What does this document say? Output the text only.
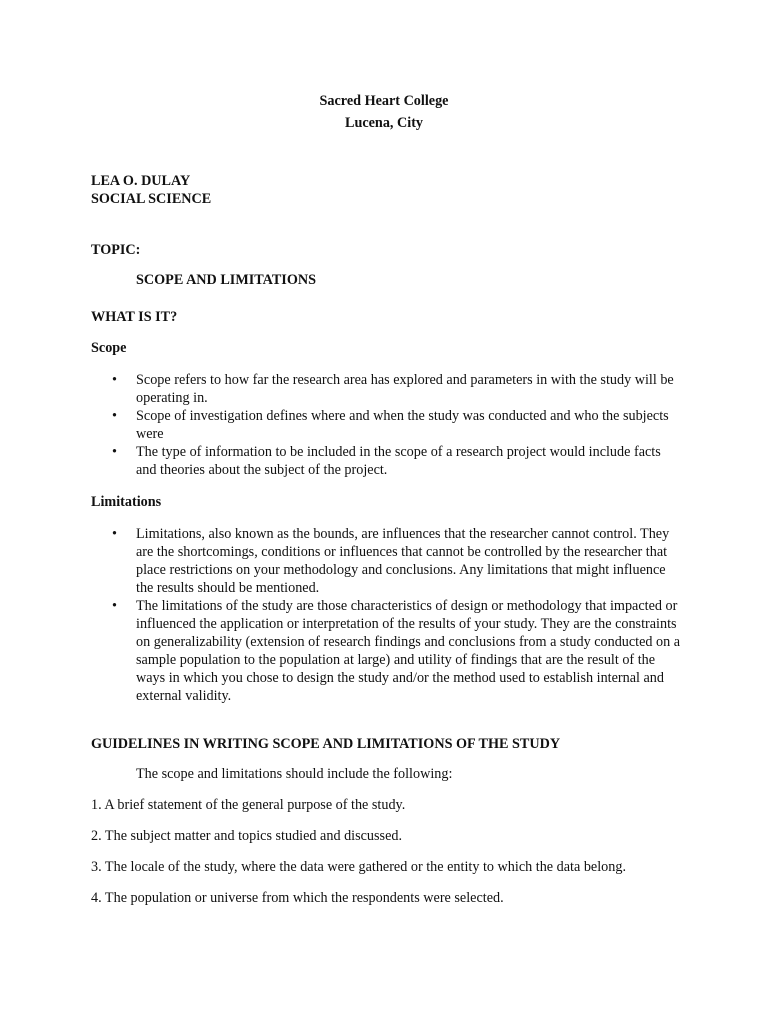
Sacred Heart College
Lucena, City
LEA O. DULAY
SOCIAL SCIENCE
TOPIC:
SCOPE AND LIMITATIONS
WHAT IS IT?
Scope
• Scope refers to how far the research area has explored and parameters in with the study will be operating in.
• Scope of investigation defines where and when the study was conducted and who the subjects were
• The type of information to be included in the scope of a research project would include facts and theories about the subject of the project.
Limitations
• Limitations, also known as the bounds, are influences that the researcher cannot control. They are the shortcomings, conditions or influences that cannot be controlled by the researcher that place restrictions on your methodology and conclusions. Any limitations that might influence the results should be mentioned.
• The limitations of the study are those characteristics of design or methodology that impacted or influenced the application or interpretation of the results of your study. They are the constraints on generalizability (extension of research findings and conclusions from a study conducted on a sample population to the population at large) and utility of findings that are the result of the ways in which you chose to design the study and/or the method used to establish internal and external validity.
GUIDELINES IN WRITING SCOPE AND LIMITATIONS OF THE STUDY
The scope and limitations should include the following:
1. A brief statement of the general purpose of the study.
2. The subject matter and topics studied and discussed.
3. The locale of the study, where the data were gathered or the entity to which the data belong.
4. The population or universe from which the respondents were selected.
